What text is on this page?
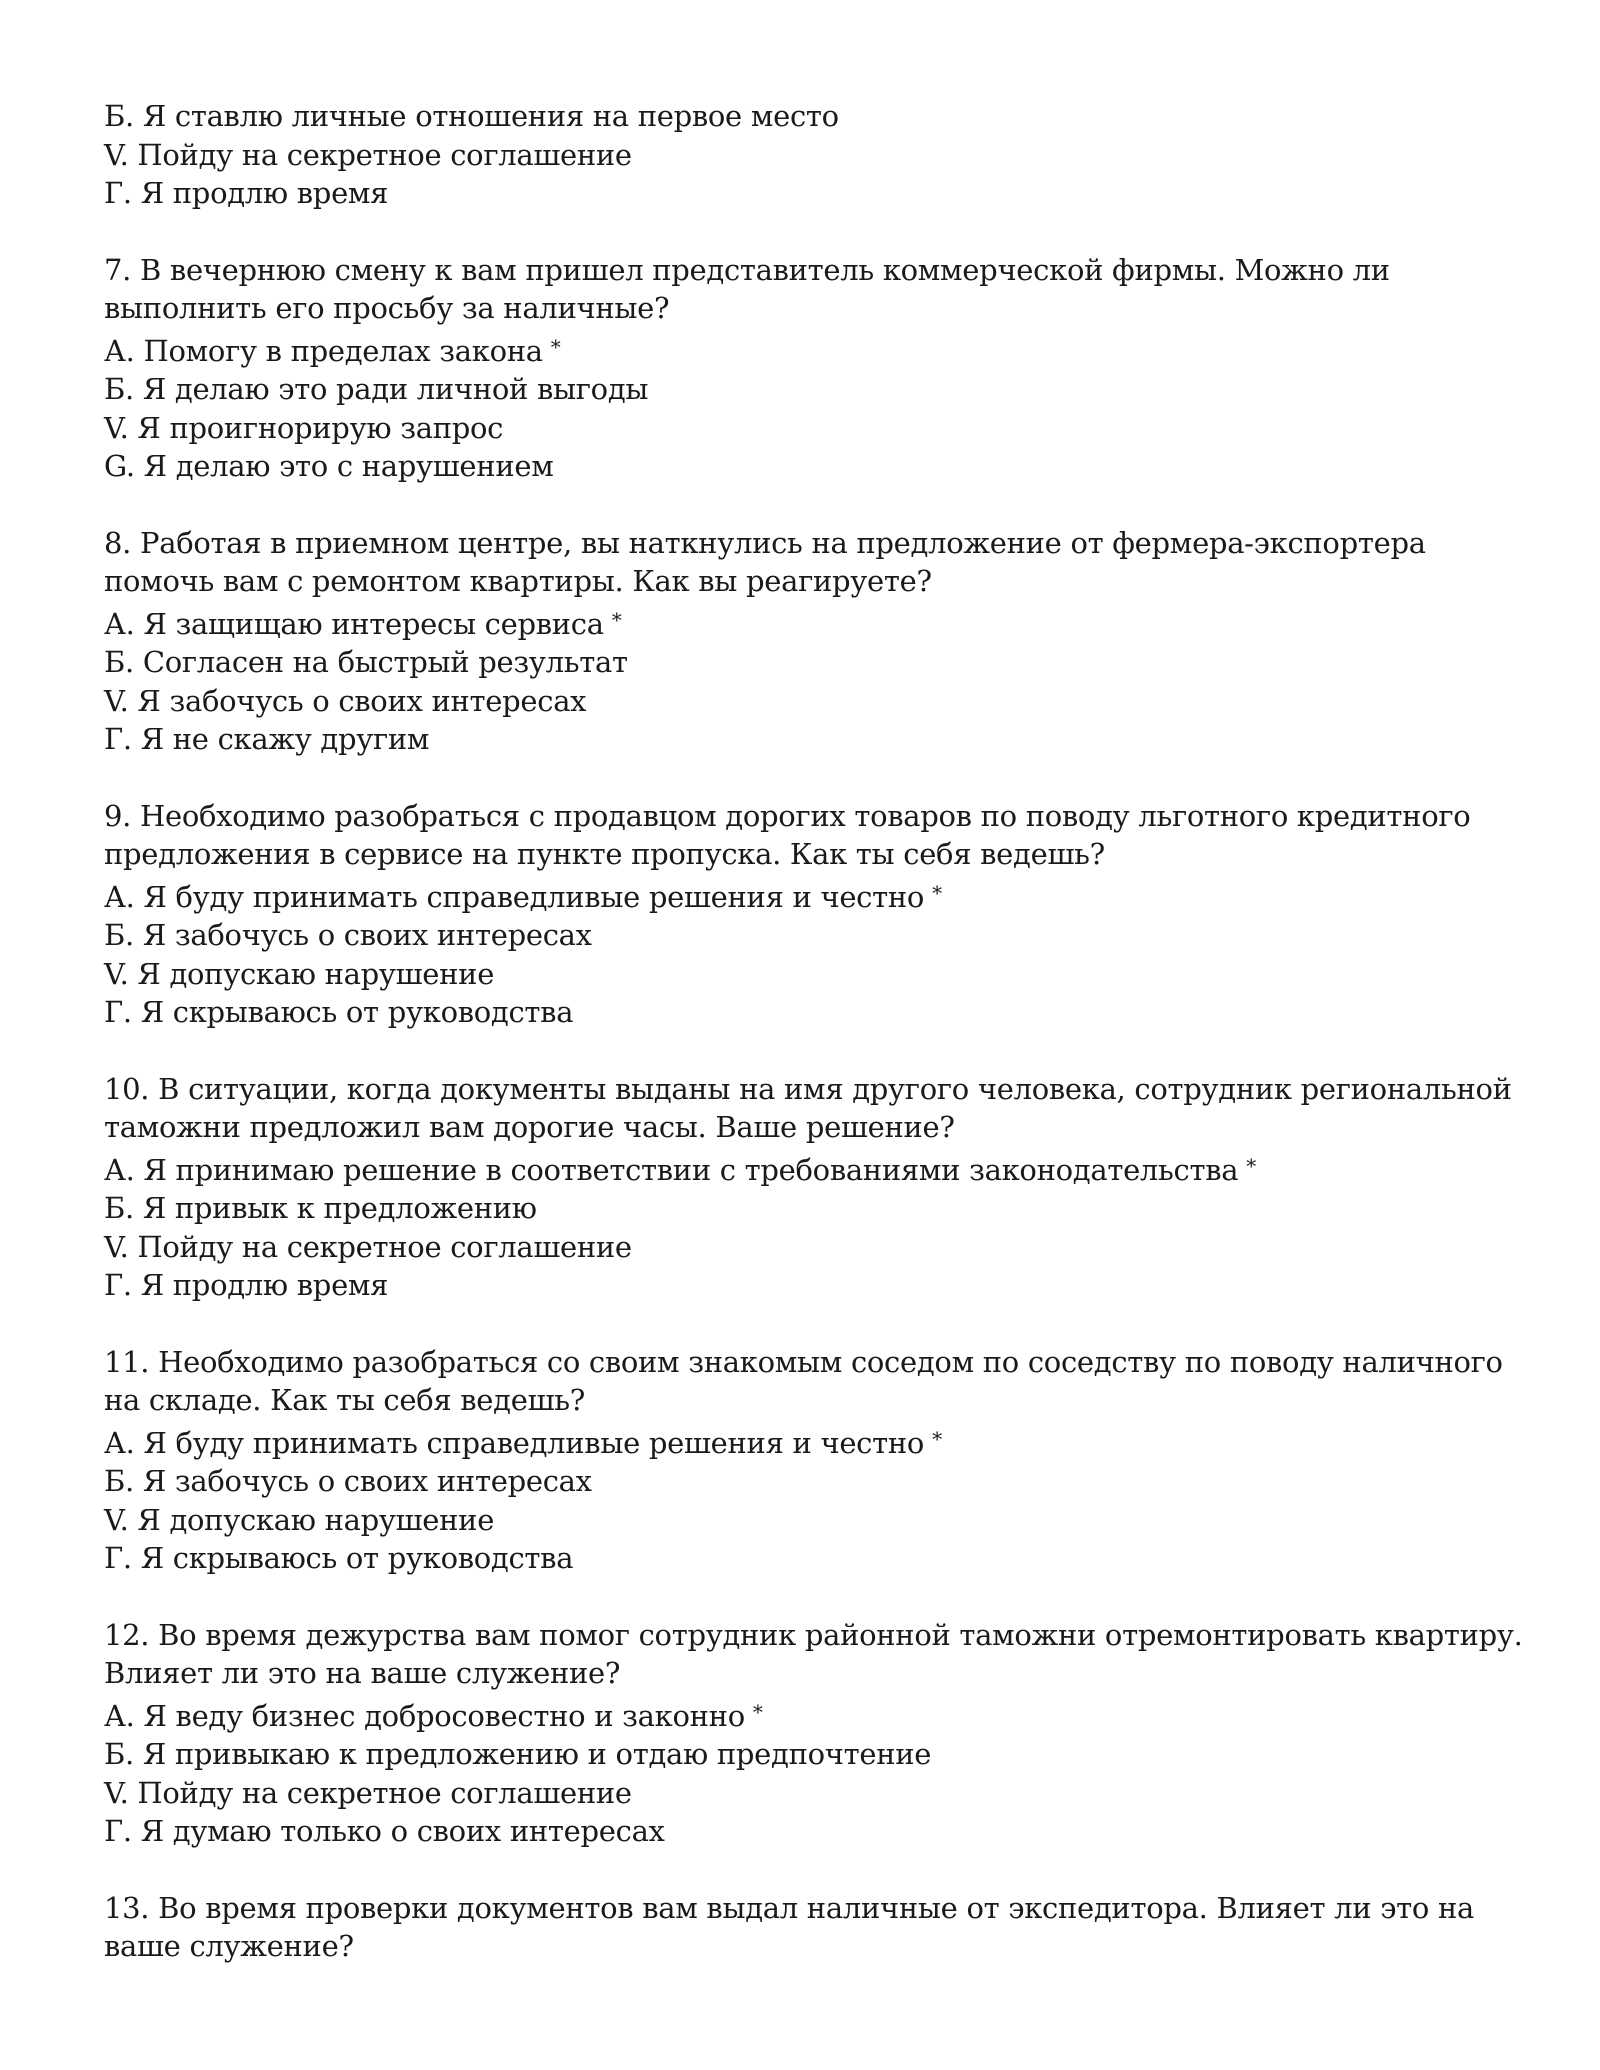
Б. Я ставлю личные отношения на первое место
V. Пойду на секретное соглашение
Г. Я продлю время
7. В вечернюю смену к вам пришел представитель коммерческой фирмы. Можно ли выполнить его просьбу за наличные?
А. Помогу в пределах закона *
Б. Я делаю это ради личной выгоды
V. Я проигнорирую запрос
G. Я делаю это с нарушением
8. Работая в приемном центре, вы наткнулись на предложение от фермера-экспортера помочь вам с ремонтом квартиры. Как вы реагируете?
А. Я защищаю интересы сервиса *
Б. Согласен на быстрый результат
V. Я забочусь о своих интересах
Г. Я не скажу другим
9. Необходимо разобраться с продавцом дорогих товаров по поводу льготного кредитного предложения в сервисе на пункте пропуска. Как ты себя ведешь?
А. Я буду принимать справедливые решения и честно *
Б. Я забочусь о своих интересах
V. Я допускаю нарушение
Г. Я скрываюсь от руководства
10. В ситуации, когда документы выданы на имя другого человека, сотрудник региональной таможни предложил вам дорогие часы. Ваше решение?
А. Я принимаю решение в соответствии с требованиями законодательства *
Б. Я привык к предложению
V. Пойду на секретное соглашение
Г. Я продлю время
11. Необходимо разобраться со своим знакомым соседом по соседству по поводу наличного на складе. Как ты себя ведешь?
А. Я буду принимать справедливые решения и честно *
Б. Я забочусь о своих интересах
V. Я допускаю нарушение
Г. Я скрываюсь от руководства
12. Во время дежурства вам помог сотрудник районной таможни отремонтировать квартиру. Влияет ли это на ваше служение?
А. Я веду бизнес добросовестно и законно *
Б. Я привыкаю к предложению и отдаю предпочтение
V. Пойду на секретное соглашение
Г. Я думаю только о своих интересах
13. Во время проверки документов вам выдал наличные от экспедитора. Влияет ли это на ваше служение?
